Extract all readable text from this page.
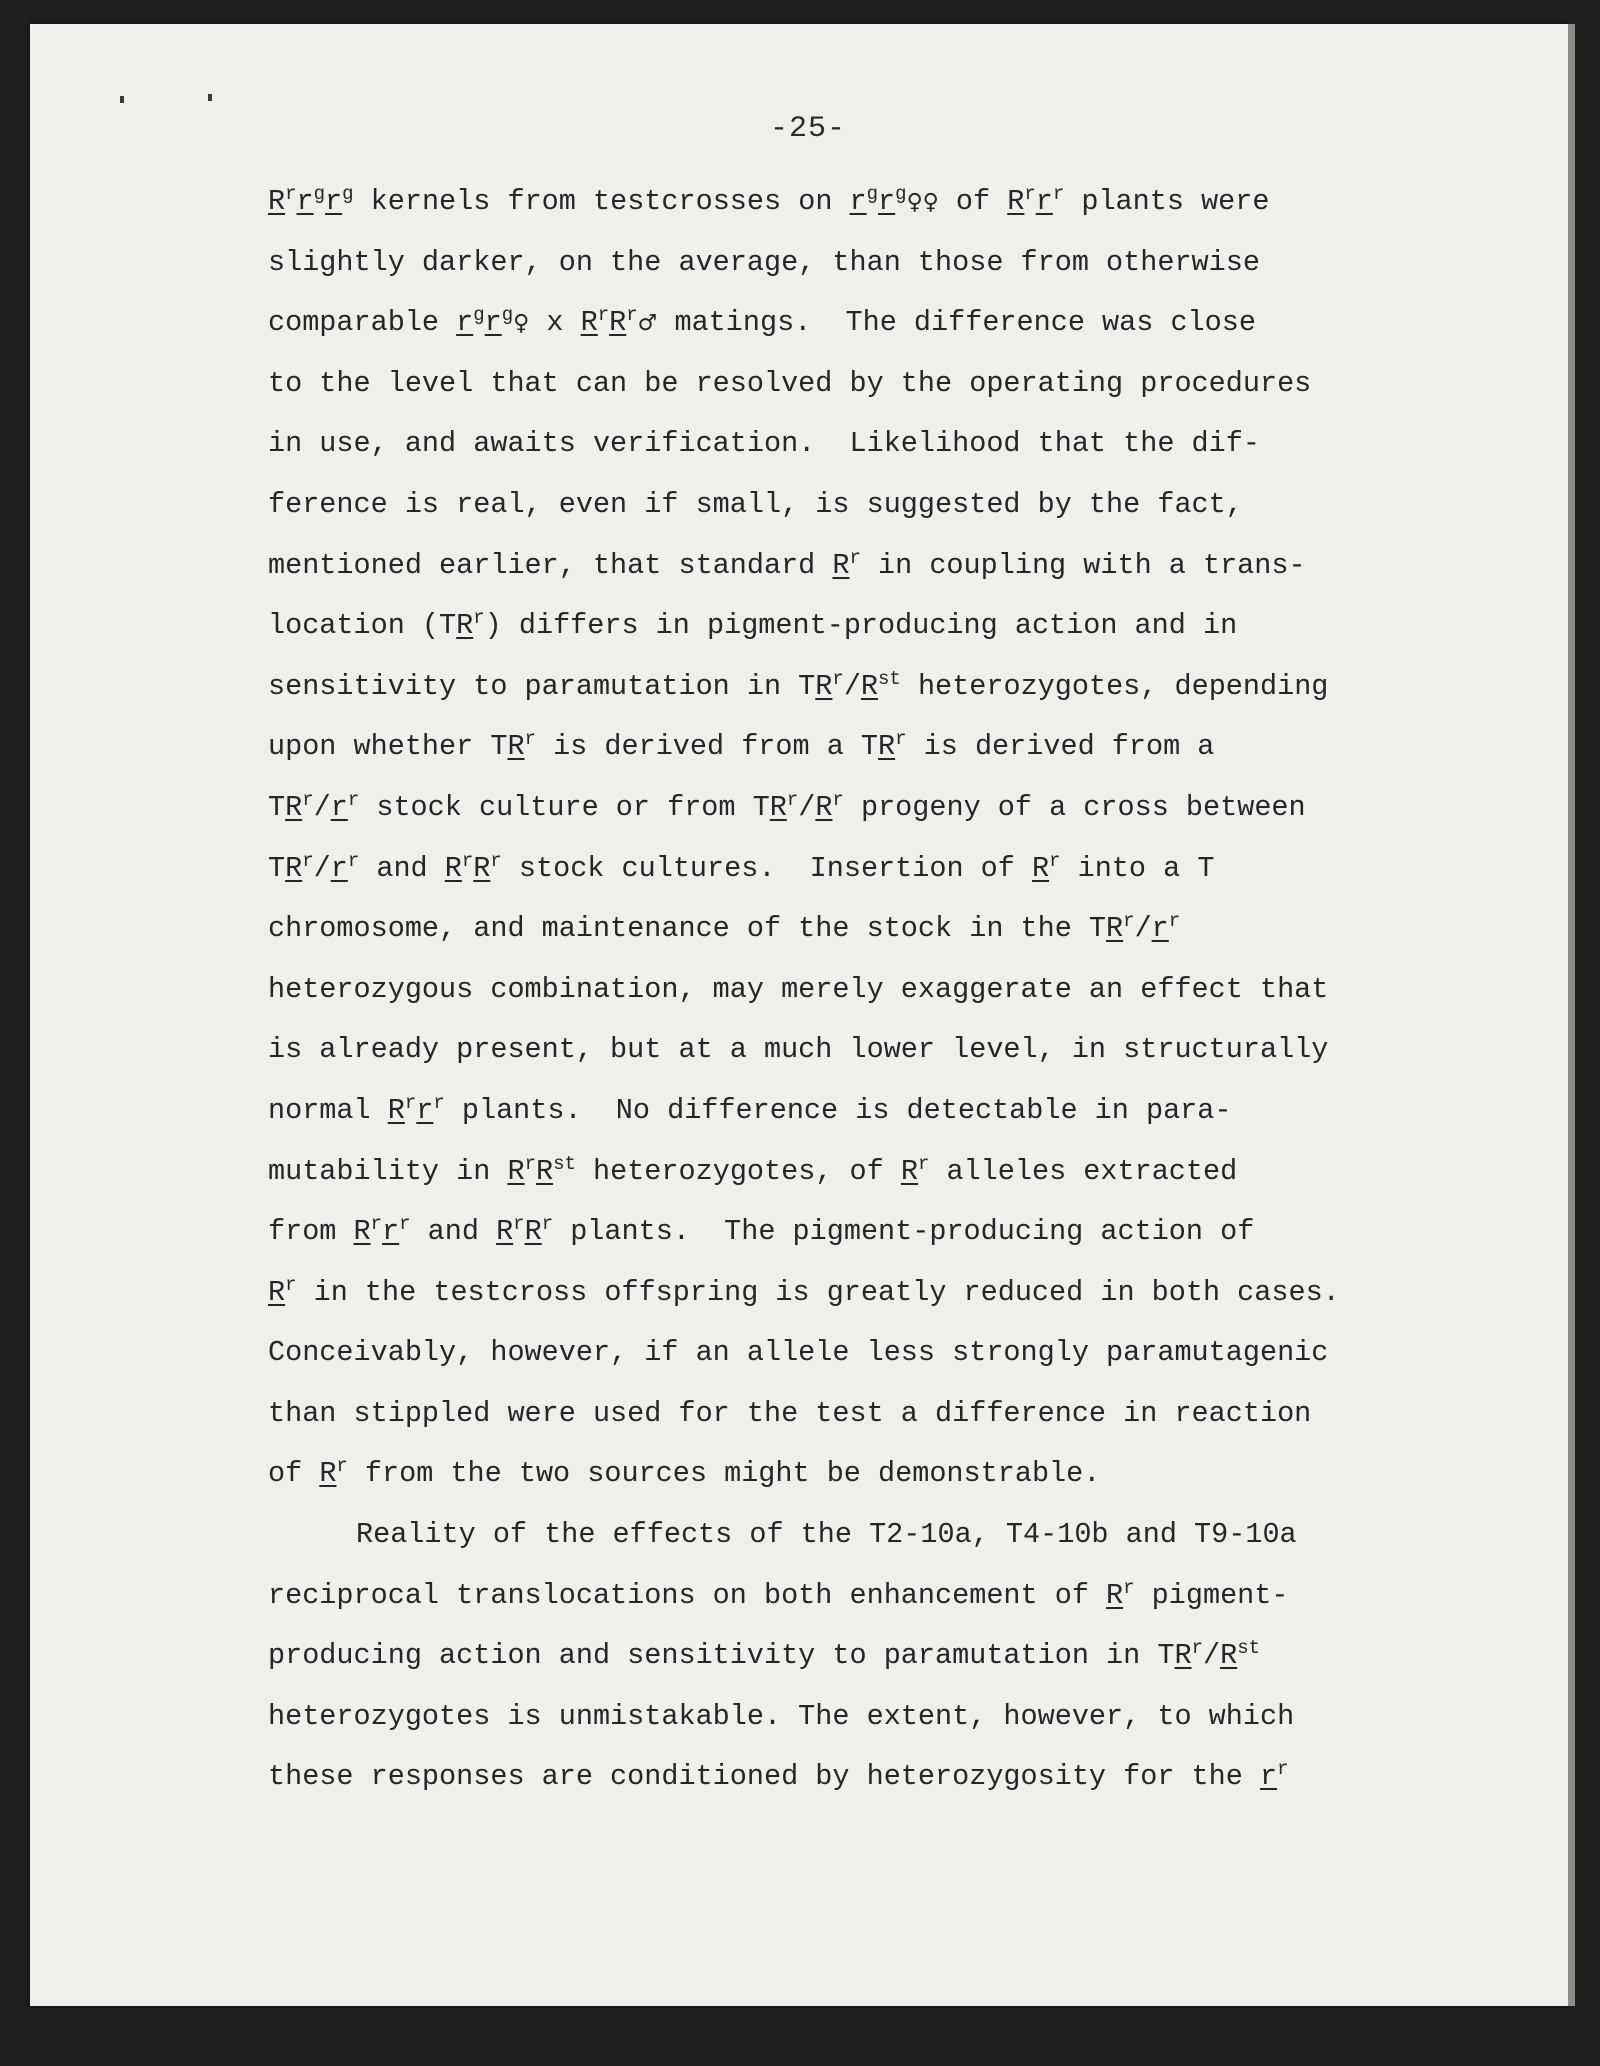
-25-
$R^rr^gr^g$ kernels from testcrosses on $r^gr^g♀♀$ of $R^rr^r$ plants were
slightly darker, on the average, than those from otherwise
comparable $r^gr^g♀$ x $R^rR^r♂$ matings.  The difference was close
to the level that can be resolved by the operating procedures
in use, and awaits verification.  Likelihood that the dif-
ference is real, even if small, is suggested by the fact,
mentioned earlier, that standard $R^r$ in coupling with a trans-
location $(TR^r)$ differs in pigment-producing action and in
sensitivity to paramutation in $TR^r/R^{st}$ heterozygotes, depending
upon whether $TR^r$ is derived from a $TR^r$ is derived from a
$TR^r/r^r$ stock culture or from $TR^r/R^r$ progeny of a cross between
$TR^r/r^r$ and $R^rR^r$ stock cultures.  Insertion of $R^r$ into a T
chromosome, and maintenance of the stock in the $TR^r/r^r$
heterozygous combination, may merely exaggerate an effect that
is already present, but at a much lower level, in structurally
normal $R^rr^r$ plants.  No difference is detectable in para-
mutability in $R^rR^{st}$ heterozygotes, of $R^r$ alleles extracted
from $R^rr^r$ and $R^rR^r$ plants.  The pigment-producing action of
$R^r$ in the testcross offspring is greatly reduced in both cases.
Conceivably, however, if an allele less strongly paramutagenic
than stippled were used for the test a difference in reaction
of $R^r$ from the two sources might be demonstrable.
Reality of the effects of the T2-10a, T4-10b and T9-10a
reciprocal translocations on both enhancement of $R^r$ pigment-
producing action and sensitivity to paramutation in $TR^r/R^{st}$
heterozygotes is unmistakable. The extent, however, to which
these responses are conditioned by heterozygosity for the $r^r$
